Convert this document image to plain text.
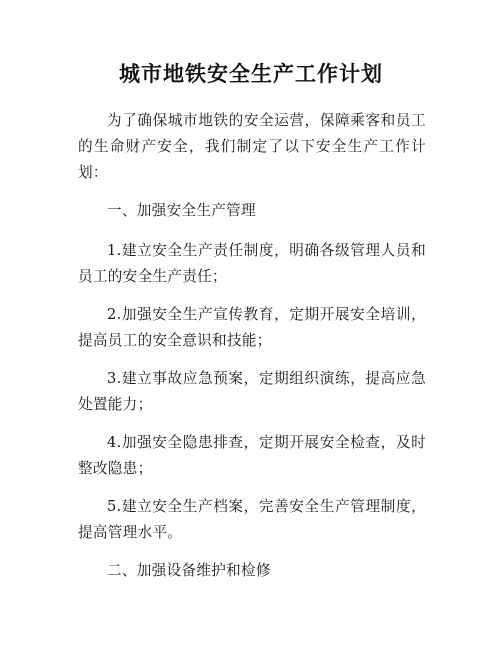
城市地铁安全生产工作计划

为了确保城市地铁的安全运营，保障乘客和员工的生命财产安全，我们制定了以下安全生产工作计划：

一、加强安全生产管理

1.建立安全生产责任制度，明确各级管理人员和员工的安全生产责任；

2.加强安全生产宣传教育，定期开展安全培训，提高员工的安全意识和技能；

3.建立事故应急预案，定期组织演练，提高应急处置能力；

4.加强安全隐患排查，定期开展安全检查，及时整改隐患；

5.建立安全生产档案，完善安全生产管理制度，提高管理水平。

二、加强设备维护和检修
